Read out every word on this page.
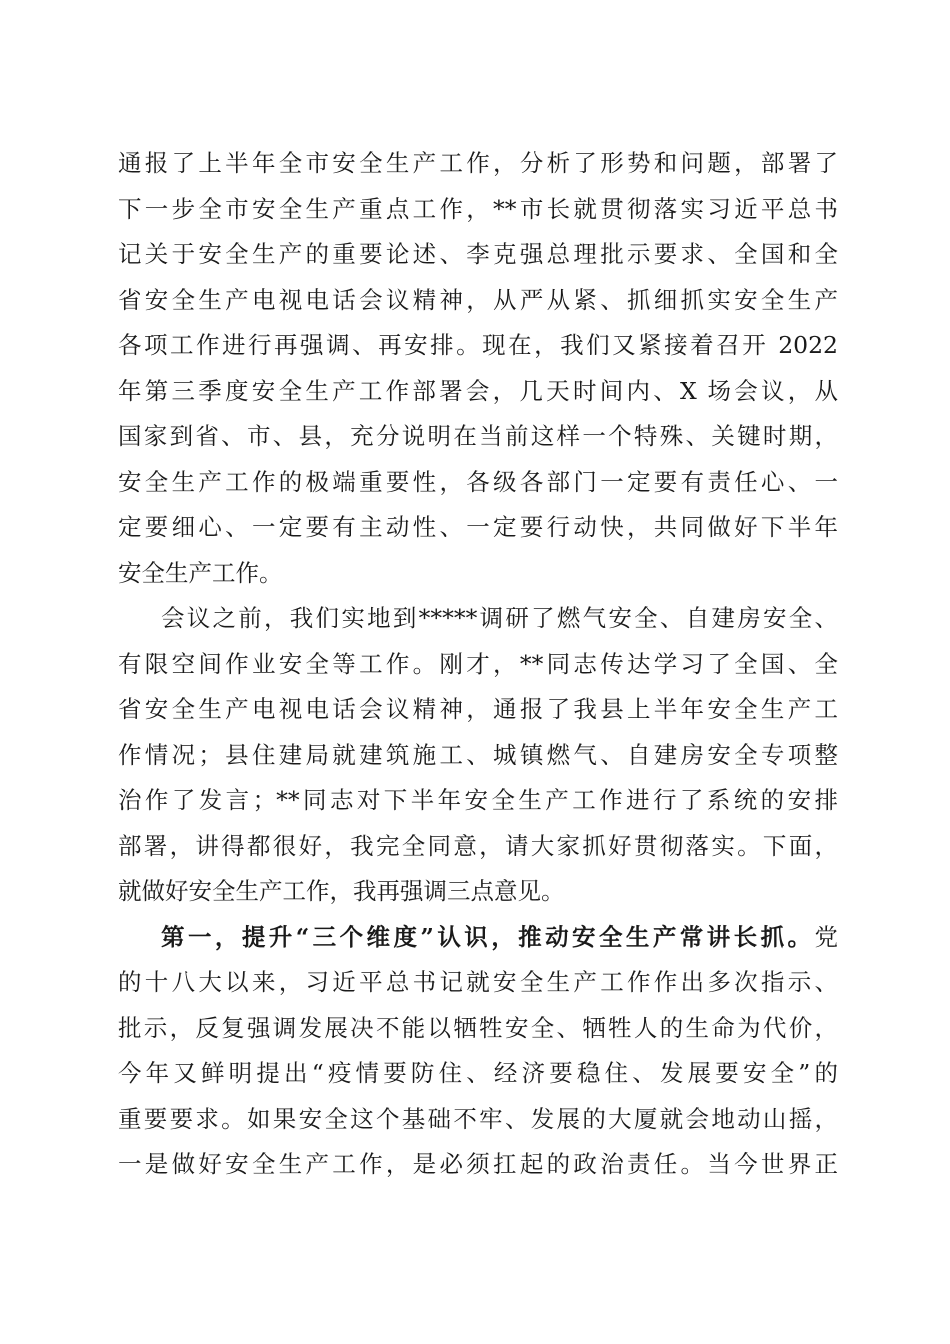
通报了上半年全市安全生产工作，分析了形势和问题，部署了
下一步全市安全生产重点工作，**市长就贯彻落实习近平总书
记关于安全生产的重要论述、李克强总理批示要求、全国和全
省安全生产电视电话会议精神，从严从紧、抓细抓实安全生产
各项工作进行再强调、再安排。现在，我们又紧接着召开 2022
年第三季度安全生产工作部署会，几天时间内、X 场会议，从
国家到省、市、县，充分说明在当前这样一个特殊、关键时期，
安全生产工作的极端重要性，各级各部门一定要有责任心、一
定要细心、一定要有主动性、一定要行动快，共同做好下半年
安全生产工作。
会议之前，我们实地到*****调研了燃气安全、自建房安全、
有限空间作业安全等工作。刚才，**同志传达学习了全国、全
省安全生产电视电话会议精神，通报了我县上半年安全生产工
作情况；县住建局就建筑施工、城镇燃气、自建房安全专项整
治作了发言；**同志对下半年安全生产工作进行了系统的安排
部署，讲得都很好，我完全同意，请大家抓好贯彻落实。下面，
就做好安全生产工作，我再强调三点意见。
第一，提升“三个维度”认识，推动安全生产常讲长抓。党
的十八大以来，习近平总书记就安全生产工作作出多次指示、
批示，反复强调发展决不能以牺牲安全、牺牲人的生命为代价，
今年又鲜明提出“疫情要防住、经济要稳住、发展要安全”的
重要要求。如果安全这个基础不牢、发展的大厦就会地动山摇，
一是做好安全生产工作，是必须扛起的政治责任。当今世界正
